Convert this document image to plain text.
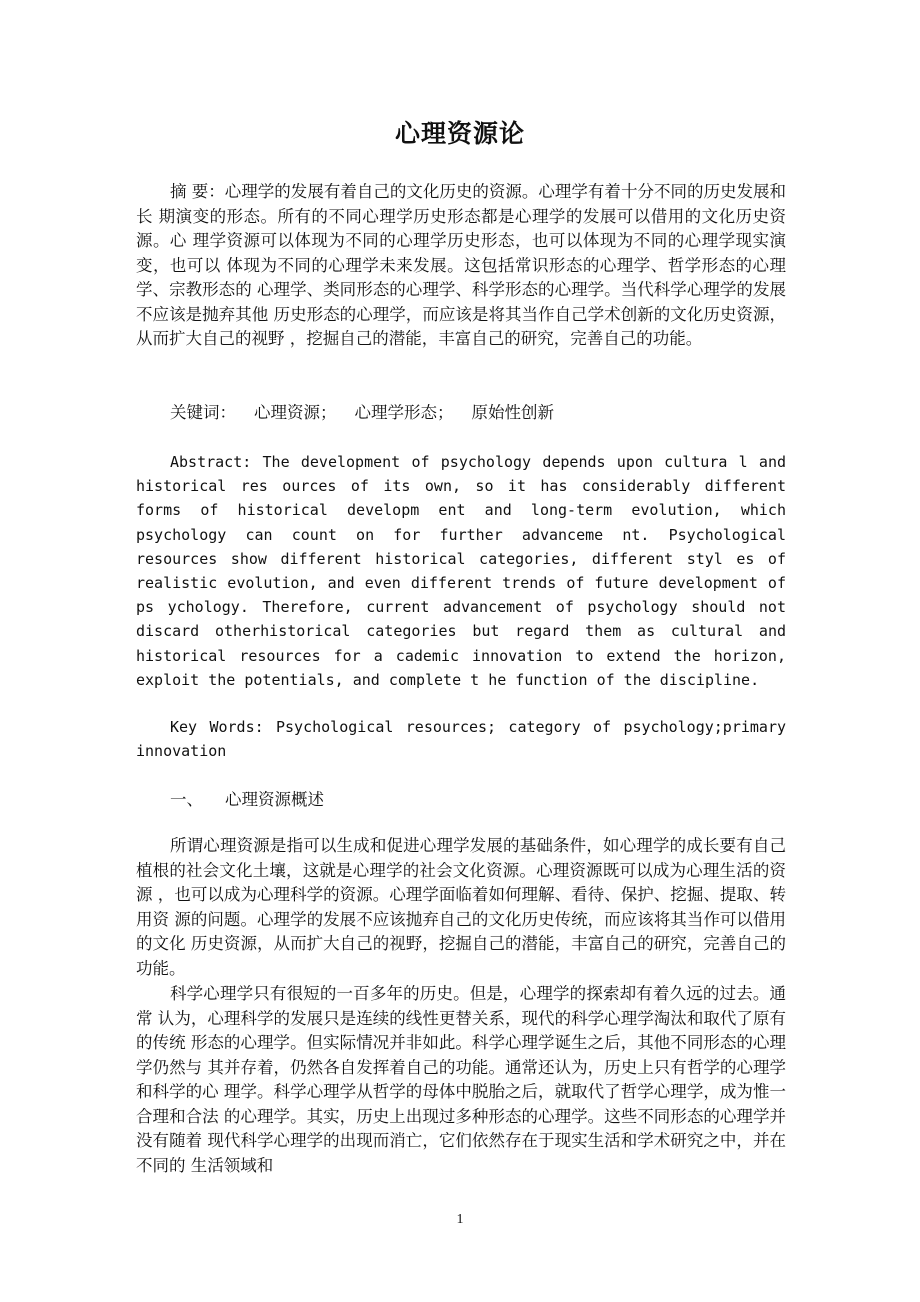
心理资源论

摘 要：心理学的发展有着自己的文化历史的资源。心理学有着十分不同的历史发展和长 期演变的形态。所有的不同心理学历史形态都是心理学的发展可以借用的文化历史资源。心 理学资源可以体现为不同的心理学历史形态，也可以体现为不同的心理学现实演变，也可以 体现为不同的心理学未来发展。这包括常识形态的心理学、哲学形态的心理学、宗教形态的 心理学、类同形态的心理学、科学形态的心理学。当代科学心理学的发展不应该是抛弃其他 历史形态的心理学，而应该是将其当作自己学术创新的文化历史资源，从而扩大自己的视野 ，挖掘自己的潜能，丰富自己的研究，完善自己的功能。

关键词： 心理资源； 心理学形态； 原始性创新

Abstract: The development of psychology depends upon cultura l and historical res ources of its own, so it has considerably different forms of historical developm ent and long-term evolution, which psychology can count on for further advanceme nt. Psychological resources show different historical categories, different styl es of realistic evolution, and even different trends of future development of ps ychology. Therefore, current advancement of psychology should not discard otherhistorical categories but regard them as cultural and historical resources for a cademic innovation to extend the horizon, exploit the potentials, and complete t he function of the discipline.

Key Words: Psychological resources; category of psychology;primary innovation

一、 心理资源概述

所谓心理资源是指可以生成和促进心理学发展的基础条件，如心理学的成长要有自己 植根的社会文化土壤，这就是心理学的社会文化资源。心理资源既可以成为心理生活的资源 ，也可以成为心理科学的资源。心理学面临着如何理解、看待、保护、挖掘、提取、转用资 源的问题。心理学的发展不应该抛弃自己的文化历史传统，而应该将其当作可以借用的文化 历史资源，从而扩大自己的视野，挖掘自己的潜能，丰富自己的研究，完善自己的功能。

科学心理学只有很短的一百多年的历史。但是，心理学的探索却有着久远的过去。通常 认为，心理科学的发展只是连续的线性更替关系，现代的科学心理学淘汰和取代了原有的传统 形态的心理学。但实际情况并非如此。科学心理学诞生之后，其他不同形态的心理学仍然与 其并存着，仍然各自发挥着自己的功能。通常还认为，历史上只有哲学的心理学和科学的心 理学。科学心理学从哲学的母体中脱胎之后，就取代了哲学心理学，成为惟一合理和合法 的心理学。其实，历史上出现过多种形态的心理学。这些不同形态的心理学并没有随着 现代科学心理学的出现而消亡，它们依然存在于现实生活和学术研究之中，并在不同的 生活领域和

1
